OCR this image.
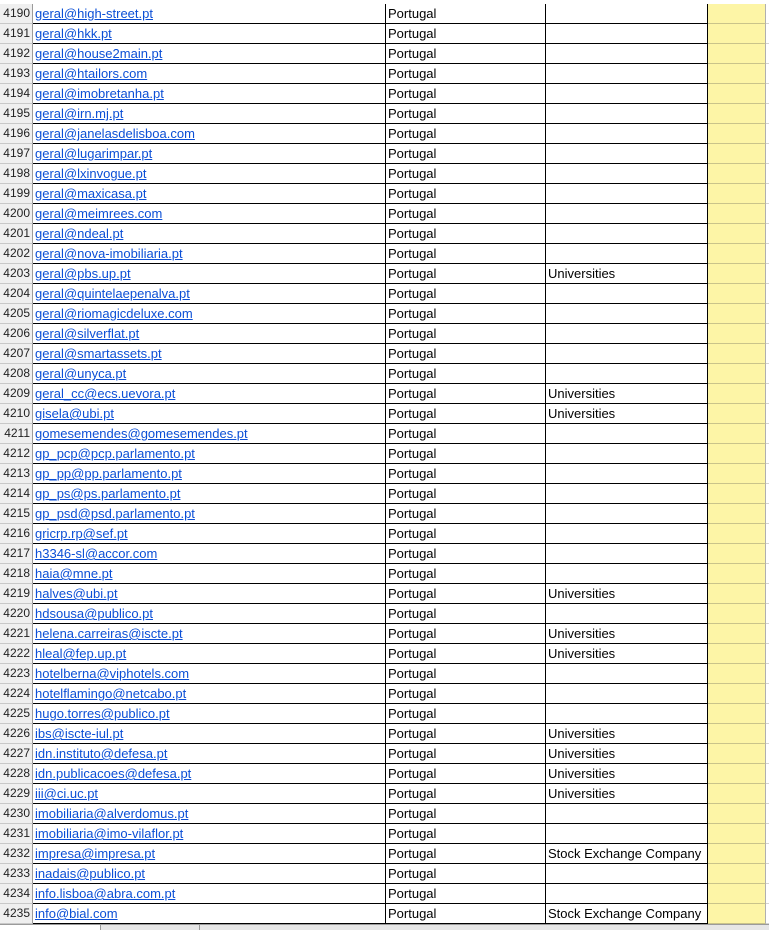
4190 geral@high-street.pt	Portugal
4191 geral@hkk.pt	Portugal
4192 geral@house2main.pt	Portugal
4193 geral@htailors.com	Portugal
4194 geral@imobretanha.pt	Portugal
4195 geral@irn.mj.pt	Portugal
4196 geral@janelasdelisboa.com	Portugal
4197 geral@lugarimpar.pt	Portugal
4198 geral@lxinvogue.pt	Portugal
4199 geral@maxicasa.pt	Portugal
4200 geral@meimrees.com	Portugal
4201 geral@ndeal.pt	Portugal
4202 geral@nova-imobiliaria.pt	Portugal
4203 geral@pbs.up.pt	Portugal	Universities
4204 geral@quintelaepenalva.pt	Portugal
4205 geral@riomagicdeluxe.com	Portugal
4206 geral@silverflat.pt	Portugal
4207 geral@smartassets.pt	Portugal
4208 geral@unyca.pt	Portugal
4209 geral_cc@ecs.uevora.pt	Portugal	Universities
4210 gisela@ubi.pt	Portugal	Universities
4211 gomesemendes@gomesemendes.pt	Portugal
4212 gp_pcp@pcp.parlamento.pt	Portugal
4213 gp_pp@pp.parlamento.pt	Portugal
4214 gp_ps@ps.parlamento.pt	Portugal
4215 gp_psd@psd.parlamento.pt	Portugal
4216 gricrp.rp@sef.pt	Portugal
4217 h3346-sl@accor.com	Portugal
4218 haia@mne.pt	Portugal
4219 halves@ubi.pt	Portugal	Universities
4220 hdsousa@publico.pt	Portugal
4221 helena.carreiras@iscte.pt	Portugal	Universities
4222 hleal@fep.up.pt	Portugal	Universities
4223 hotelberna@viphotels.com	Portugal
4224 hotelflamingo@netcabo.pt	Portugal
4225 hugo.torres@publico.pt	Portugal
4226 ibs@iscte-iul.pt	Portugal	Universities
4227 idn.instituto@defesa.pt	Portugal	Universities
4228 idn.publicacoes@defesa.pt	Portugal	Universities
4229 iii@ci.uc.pt	Portugal	Universities
4230 imobiliaria@alverdomus.pt	Portugal
4231 imobiliaria@imo-vilaflor.pt	Portugal
4232 impresa@impresa.pt	Portugal	Stock Exchange Company
4233 inadais@publico.pt	Portugal
4234 info.lisboa@abra.com.pt	Portugal
4235 info@bial.com	Portugal	Stock Exchange Company
